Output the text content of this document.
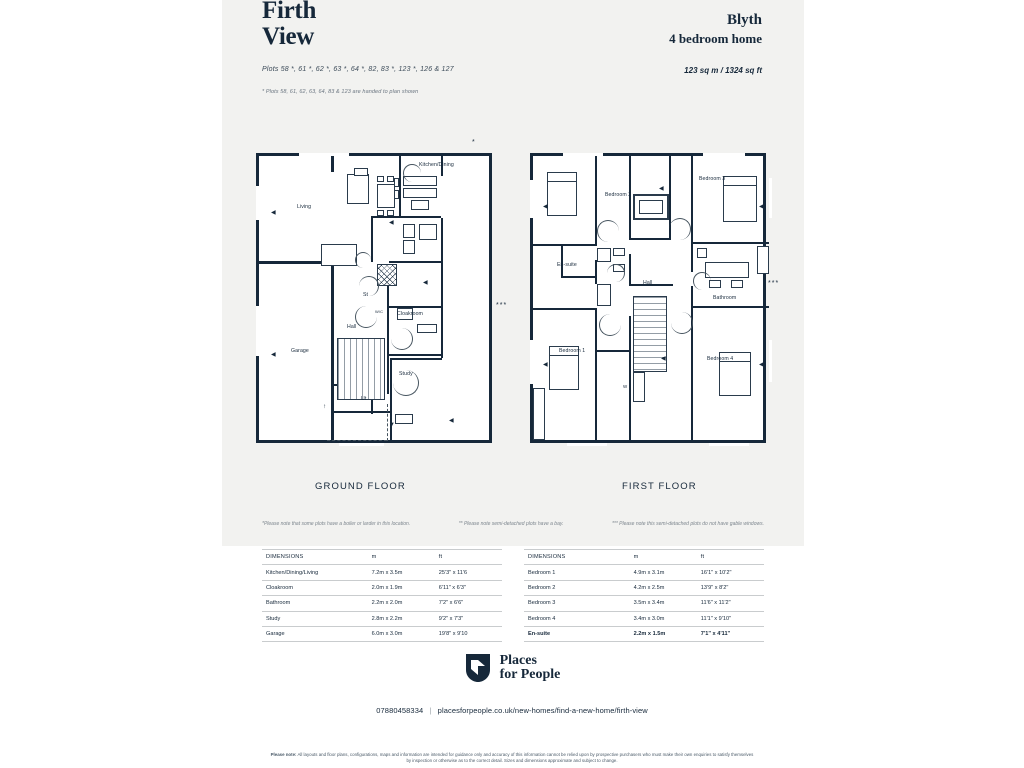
Firth
View
Blyth
4 bedroom home
Plots 58 *, 61 *, 62 *, 63 *, 64 *, 82, 83 *, 123 *, 126 & 127
* Plots 58, 61, 62, 63, 64, 83 & 123 are handed to plan shown
123 sq m / 1324 sq ft
↑
Living
Kitchen/Dining
Garage
Hall
W/C	Cloakroom
Study
St
Ut
◀
◀
◀
◀
◀
▼
*
***
Bedroom 2
Bedroom 3
Bedroom 1
Bedroom 4
En-suite
Bathroom
Hall
W
◀
◀
◀
◀
◀
◀
***
GROUND FLOOR	FIRST FLOOR
*Please note that some plots have a boiler or larder in this location.	** Please note semi-detached plots have a bay.	*** Please note this semi-detached plots do not have gable windows.
DIMENSIONS	m	ft
Kitchen/Dining/Living	7.2m x 3.5m	25'3" x 11'6
Cloakroom	2.0m x 1.9m	6'11" x 6'3"
Bathroom	2.2m x 2.0m	7'2" x 6'6"
Study	2.8m x 2.2m	9'2" x 7'3"
Garage	6.0m x 3.0m	19'8" x 9'10
DIMENSIONS	m	ft
Bedroom 1	4.9m x 3.1m	16'1" x 10'2"
Bedroom 2	4.2m x 2.5m	13'9" x 8'2"
Bedroom 3	3.5m x 3.4m	11'6" x 11'2"
Bedroom 4	3.4m x 3.0m	11'1" x 9'10"
En-suite	2.2m x 1.5m	7'1" x 4'11"
Places
for People
07880458334 | placesforpeople.co.uk/new-homes/find-a-new-home/firth-view
Please note: All layouts and floor plans, configurations, maps and information are intended for guidance only and accuracy of this information cannot be relied upon by prospective purchasers who must make their own enquiries to satisfy themselves by inspection or otherwise as to the correct detail. Sizes and dimensions approximate and subject to change.
